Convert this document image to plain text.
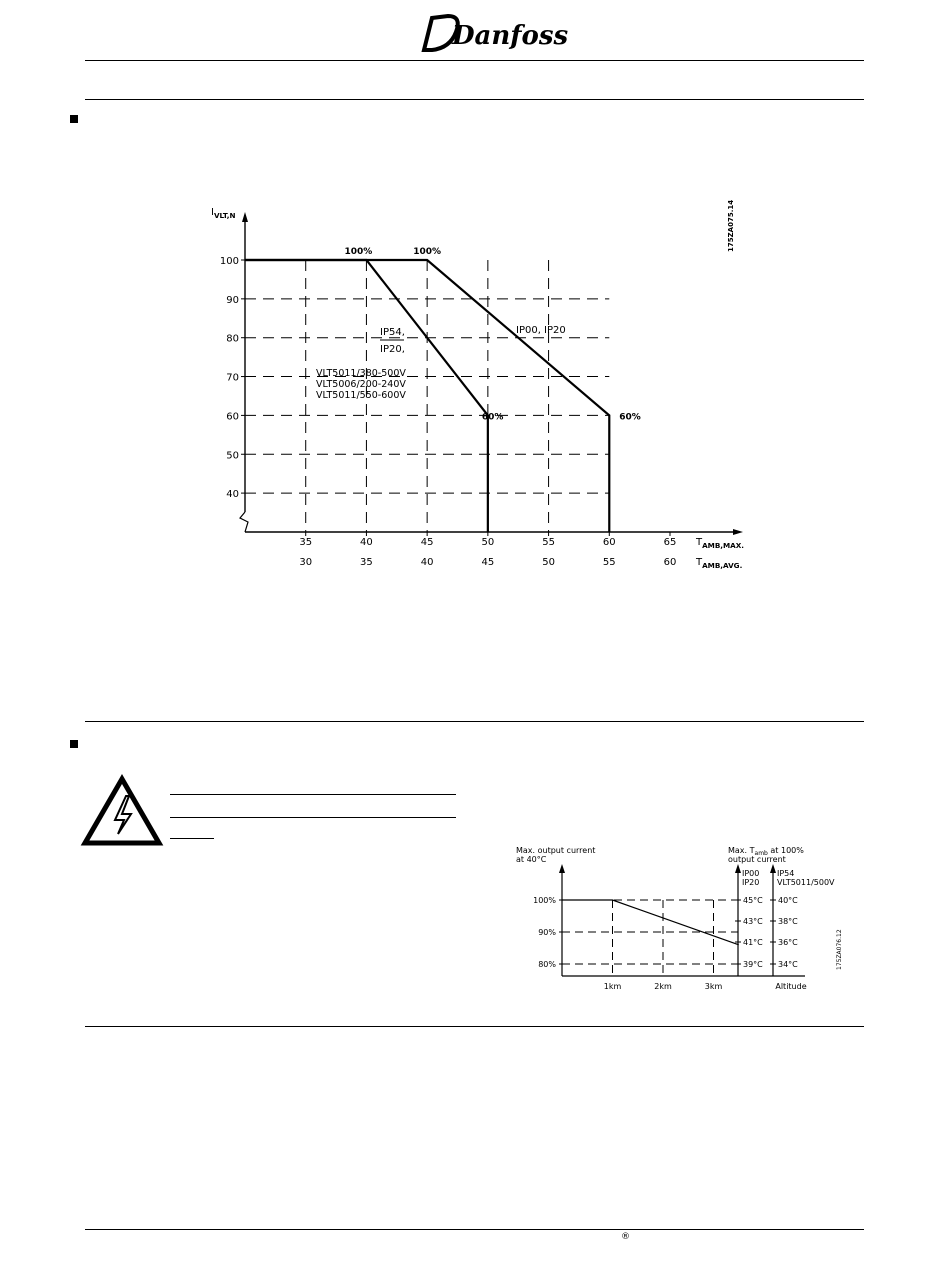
Danfoss
100
90
80
70
60
50
40
35
30
40
35
45
40
50
45
55
50
60
55
65
60
$I_{VLT,N}$
$T_{AMB,MAX.}$
$T_{AMB,AVG.}$
100%	100%
60%	60%
IP54,
IP20,
IP00, IP20
VLT5011/380-500V
VLT5006/200-240V
VLT5011/550-600V
175ZA075.14
Max. output current
at 40°C
Max. $T_{amb}$ at 100%
output current
100%
90%
80%
1km	2km	3km	Altitude
IP00
IP20
IP54
VLT5011/500V
45°C
43°C
41°C
39°C
40°C
38°C
36°C
34°C	175ZA076.12
®
